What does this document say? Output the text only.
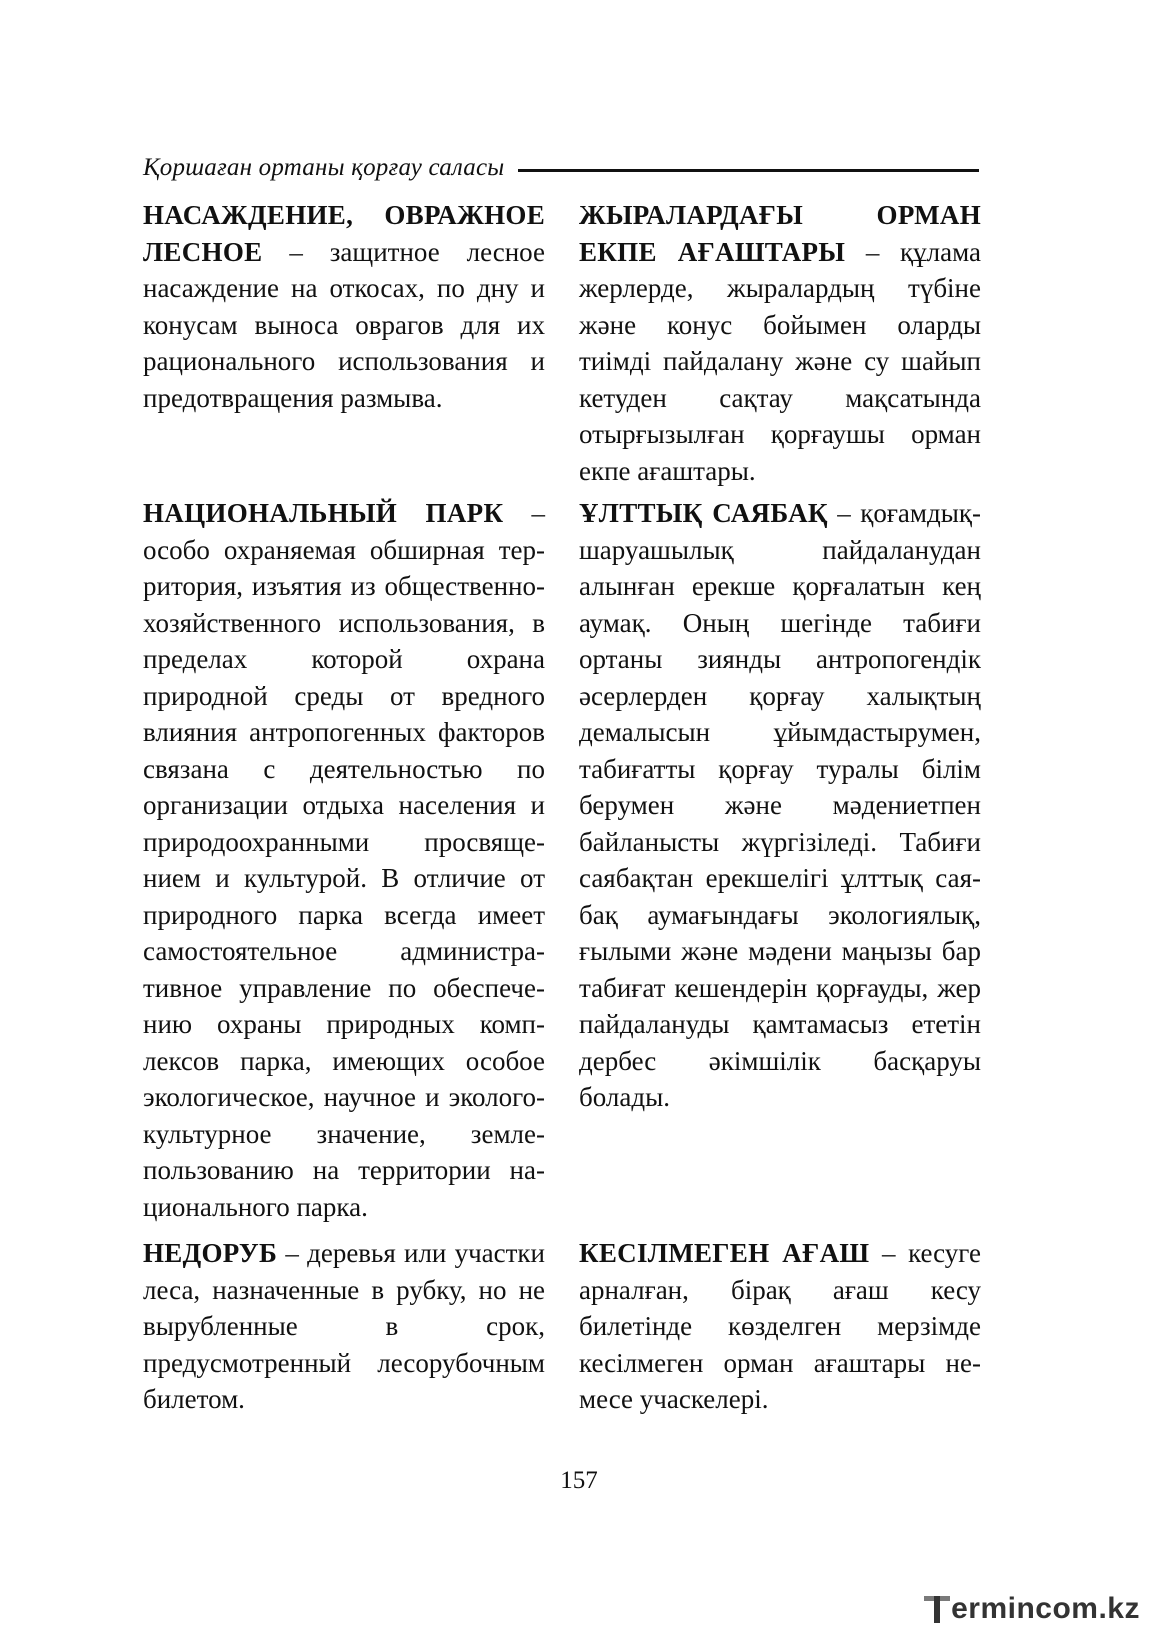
Қоршаған ортаны қорғау саласы

НАСАЖДЕНИЕ, ОВРАЖНОЕ ЛЕСНОЕ – защитное лесное насаждение на откосах, по дну и конусам выноса оврагов для их рационального использования и предотвращения размыва.

НАЦИОНАЛЬНЫЙ ПАРК – особо охраняемая обширная территория, изъятия из общественно-хозяйственного использования, в пределах которой охрана природной среды от вредного влияния антропогенных факторов связана с деятельностью по организации отдыха населения и природоохранными просвящением и культурой. В отличие от природного парка всегда имеет самостоятельное административное управление по обеспечению охраны природных комплексов парка, имеющих особое экологическое, научное и эколого-культурное значение, землепользованию на территории национального парка.

НЕДОРУБ – деревья или участки леса, назначенные в рубку, но не вырубленные в срок, предусмотренный лесорубочным билетом.

ЖЫРАЛАРДАҒЫ ОРМАН ЕКПЕ АҒАШТАРЫ – құлама жерлерде, жыралардың түбіне және конус бойымен оларды тиімді пайдалану және су шайып кетуден сақтау мақсатында отырғызылған қорғаушы орман екпе ағаштары.

ҰЛТТЫҚ САЯБАҚ – қоғамдық-шаруашылық пайдаланудан алынған ерекше қорғалатын кең аумақ. Оның шегінде табиғи ортаны зиянды антропогендік әсерлерден қорғау халықтың демалысын ұйымдастырумен, табиғатты қорғау туралы білім берумен және мәдениетпен байланысты жүргізіледі. Табиғи саябақтан ерекшелігі ұлттық саябақ аумағындағы экологиялық, ғылыми және мәдени маңызы бар табиғат кешендерін қорғауды, жер пайдалануды қамтамасыз ететін дербес әкімшілік басқаруы болады.

КЕСІЛМЕГЕН АҒАШ – кесуге арналған, бірақ ағаш кесу билетінде көзделген мерзімде кесілмеген орман ағаштары немесе учаскелері.

157
ermincom.kz
